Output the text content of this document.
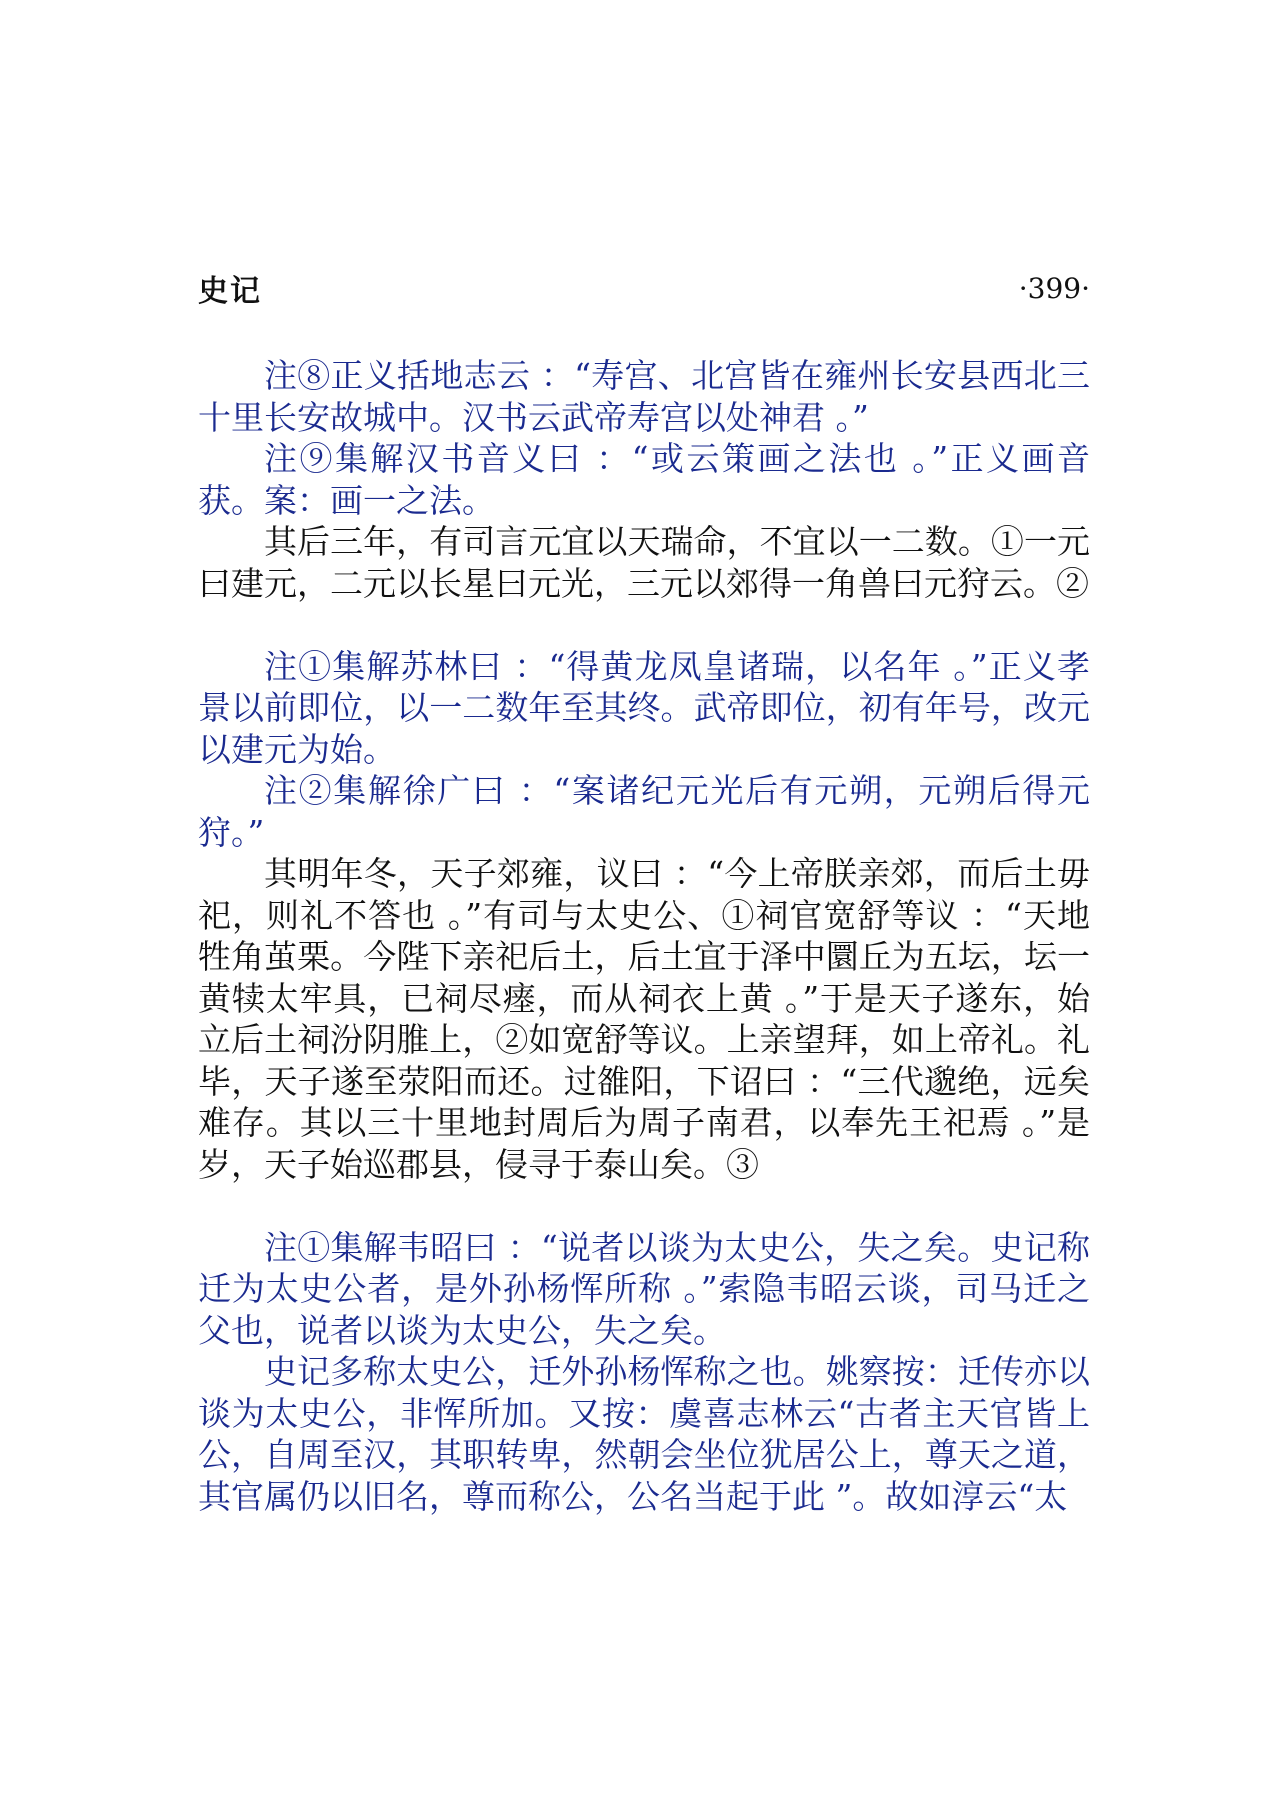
史记	·399·

注⑧正义括地志云 ：“寿宫、北宫皆在雍州长安县西北三十里长安故城中。汉书云武帝寿宫以处神君 。”

注⑨集解汉书音义曰 ：“或云策画之法也 。”正义画音获。案：画一之法。

其后三年，有司言元宜以天瑞命，不宜以一二数。①一元曰建元，二元以长星曰元光，三元以郊得一角兽曰元狩云。②

注①集解苏林曰 ：“得黄龙凤皇诸瑞，以名年 。”正义孝景以前即位，以一二数年至其终。武帝即位，初有年号，改元以建元为始。

注②集解徐广曰 ：“案诸纪元光后有元朔，元朔后得元狩。”

其明年冬，天子郊雍，议曰 ：“今上帝朕亲郊，而后土毋祀，则礼不答也 。”有司与太史公、①祠官宽舒等议 ：“天地牲角茧栗。今陛下亲祀后土，后土宜于泽中圜丘为五坛，坛一黄犊太牢具，已祠尽瘗，而从祠衣上黄 。”于是天子遂东，始立后土祠汾阴脽上，②如宽舒等议。上亲望拜，如上帝礼。礼毕，天子遂至荥阳而还。过雒阳，下诏曰 ：“三代邈绝，远矣难存。其以三十里地封周后为周子南君，以奉先王祀焉 。”是岁，天子始巡郡县，侵寻于泰山矣。③

注①集解韦昭曰 ：“说者以谈为太史公，失之矣。史记称迁为太史公者，是外孙杨恽所称 。”索隐韦昭云谈，司马迁之父也，说者以谈为太史公，失之矣。

史记多称太史公，迁外孙杨恽称之也。姚察按：迁传亦以谈为太史公，非恽所加。又按：虞喜志林云“古者主天官皆上公，自周至汉，其职转卑，然朝会坐位犹居公上，尊天之道，其官属仍以旧名，尊而称公，公名当起于此 ”。故如淳云“太
